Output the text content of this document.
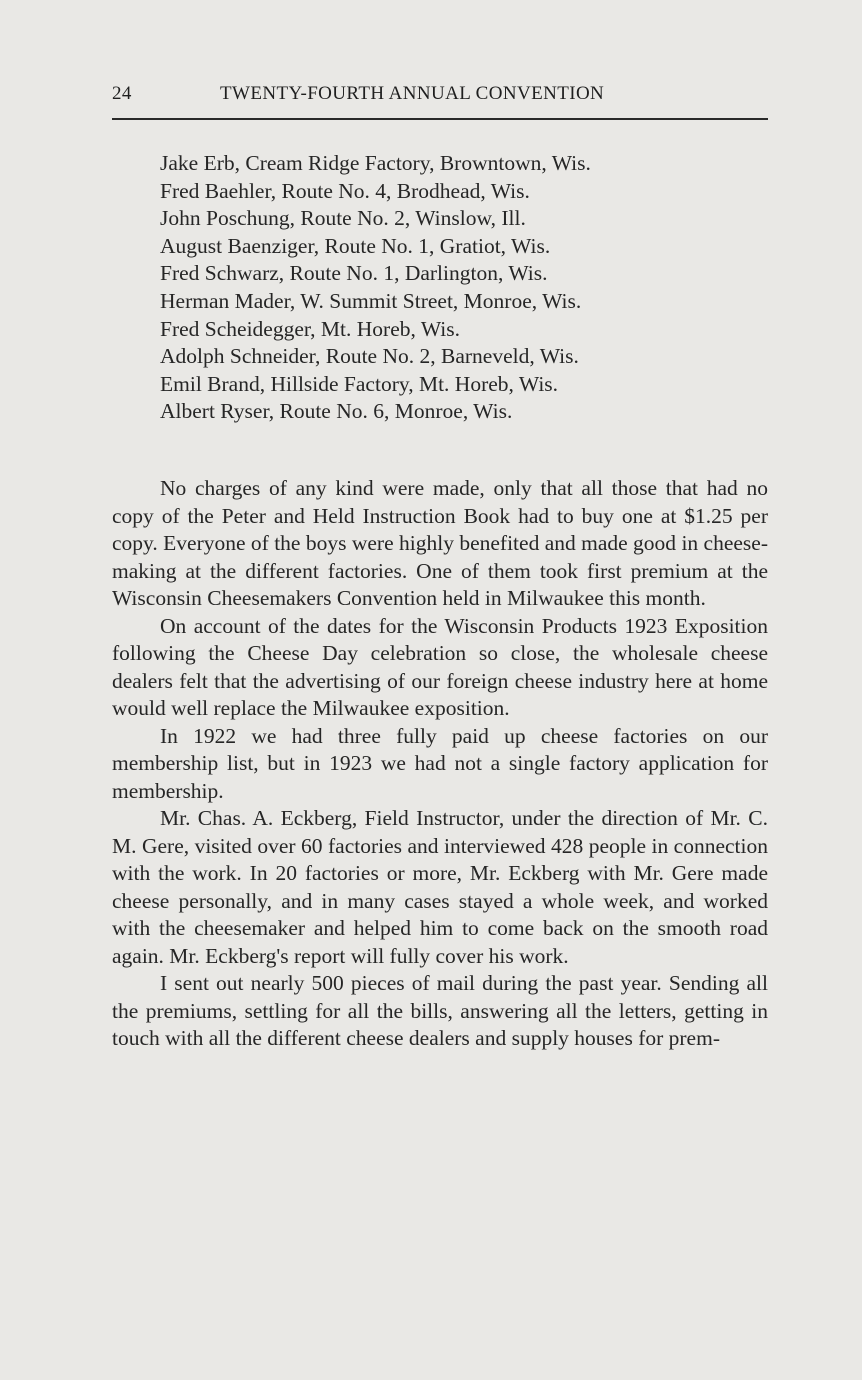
24	TWENTY-FOURTH ANNUAL CONVENTION
Jake Erb, Cream Ridge Factory, Browntown, Wis.
Fred Baehler, Route No. 4, Brodhead, Wis.
John Poschung, Route No. 2, Winslow, Ill.
August Baenziger, Route No. 1, Gratiot, Wis.
Fred Schwarz, Route No. 1, Darlington, Wis.
Herman Mader, W. Summit Street, Monroe, Wis.
Fred Scheidegger, Mt. Horeb, Wis.
Adolph Schneider, Route No. 2, Barneveld, Wis.
Emil Brand, Hillside Factory, Mt. Horeb, Wis.
Albert Ryser, Route No. 6, Monroe, Wis.

No charges of any kind were made, only that all those that had no copy of the Peter and Held Instruction Book had to buy one at $1.25 per copy. Everyone of the boys were highly benefited and made good in cheese-making at the different factories. One of them took first premium at the Wisconsin Cheesemakers Convention held in Milwaukee this month.

On account of the dates for the Wisconsin Products 1923 Exposition following the Cheese Day celebration so close, the wholesale cheese dealers felt that the advertising of our foreign cheese industry here at home would well replace the Milwaukee exposition.

In 1922 we had three fully paid up cheese factories on our membership list, but in 1923 we had not a single factory application for membership.

Mr. Chas. A. Eckberg, Field Instructor, under the direction of Mr. C. M. Gere, visited over 60 factories and interviewed 428 people in connection with the work. In 20 factories or more, Mr. Eckberg with Mr. Gere made cheese personally, and in many cases stayed a whole week, and worked with the cheesemaker and helped him to come back on the smooth road again. Mr. Eckberg's report will fully cover his work.

I sent out nearly 500 pieces of mail during the past year. Sending all the premiums, settling for all the bills, answering all the letters, getting in touch with all the different cheese dealers and supply houses for prem-
